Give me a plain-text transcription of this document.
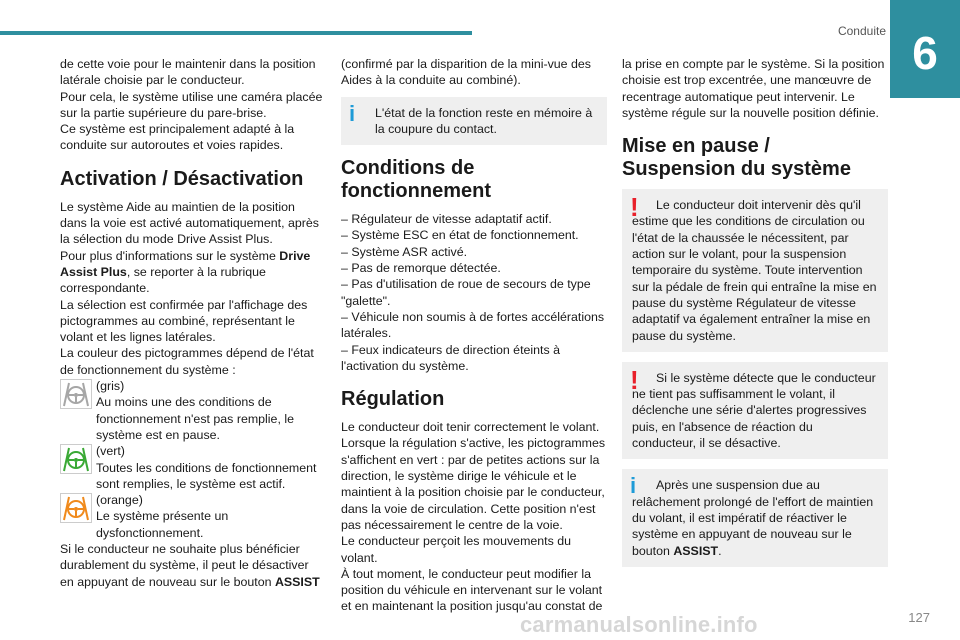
Conduite 6

de cette voie pour le maintenir dans la position latérale choisie par le conducteur.

Pour cela, le système utilise une caméra placée sur la partie supérieure du pare-brise.

Ce système est principalement adapté à la conduite sur autoroutes et voies rapides.

Activation / Désactivation

Le système Aide au maintien de la position dans la voie est activé automatiquement, après la sélection du mode Drive Assist Plus.

Pour plus d'informations sur le système Drive Assist Plus, se reporter à la rubrique correspondante.

La sélection est confirmée par l'affichage des pictogrammes au combiné, représentant le volant et les lignes latérales.

La couleur des pictogrammes dépend de l'état de fonctionnement du système :

(gris)
Au moins une des conditions de fonctionnement n'est pas remplie, le système est en pause.
(vert)
Toutes les conditions de fonctionnement sont remplies, le système est actif.
(orange)
Le système présente un dysfonctionnement.

Si le conducteur ne souhaite plus bénéficier durablement du système, il peut le désactiver en appuyant de nouveau sur le bouton ASSIST

(confirmé par la disparition de la mini-vue des Aides à la conduite au combiné).

i	L'état de la fonction reste en mémoire à la coupure du contact.
Conditions de fonctionnement
– Régulateur de vitesse adaptatif actif.
– Système ESC en état de fonctionnement.
– Système ASR activé.
– Pas de remorque détectée.
– Pas d'utilisation de roue de secours de type "galette".
– Véhicule non soumis à de fortes accélérations latérales.
– Feux indicateurs de direction éteints à l'activation du système.
Régulation

Le conducteur doit tenir correctement le volant.

Lorsque la régulation s'active, les pictogrammes s'affichent en vert : par de petites actions sur la direction, le système dirige le véhicule et le maintient à la position choisie par le conducteur, dans la voie de circulation. Cette position n'est pas nécessairement le centre de la voie.

Le conducteur perçoit les mouvements du volant.

À tout moment, le conducteur peut modifier la position du véhicule en intervenant sur le volant et en maintenant la position jusqu'au constat de

la prise en compte par le système. Si la position choisie est trop excentrée, une manœuvre de recentrage automatique peut intervenir. Le système régule sur la nouvelle position définie.

Mise en pause / Suspension du système
!	Le conducteur doit intervenir dès qu'il estime que les conditions de circulation ou l'état de la chaussée le nécessitent, par action sur le volant, pour la suspension temporaire du système. Toute intervention sur la pédale de frein qui entraîne la mise en pause du système Régulateur de vitesse adaptatif va également entraîner la mise en pause du système.
!	Si le système détecte que le conducteur ne tient pas suffisamment le volant, il déclenche une série d'alertes progressives puis, en l'absence de réaction du conducteur, il se désactive.
i	Après une suspension due au relâchement prolongé de l'effort de maintien du volant, il est impératif de réactiver le système en appuyant de nouveau sur le bouton ASSIST.
carmanualsonline.info	127
